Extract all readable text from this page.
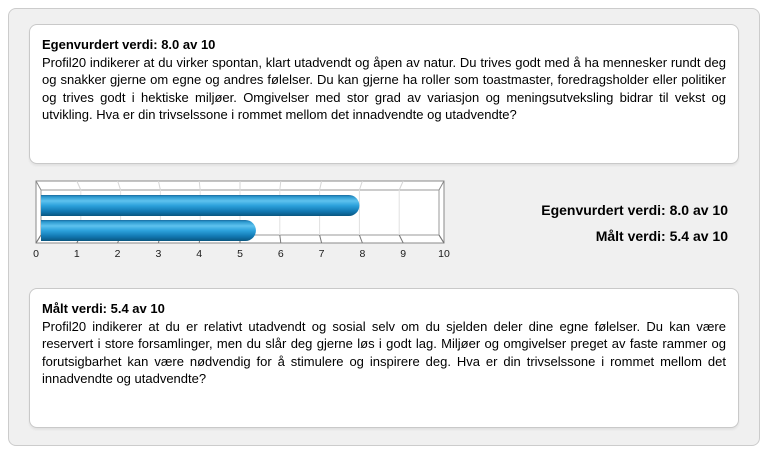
Egenvurdert verdi: 8.0 av 10

Profil20 indikerer at du virker spontan, klart utadvendt og åpen av natur. Du trives godt med å ha mennesker rundt deg og snakker gjerne om egne og andres følelser. Du kan gjerne ha roller som toastmaster, foredragsholder eller politiker og trives godt i hektiske miljøer. Omgivelser med stor grad av variasjon og meningsutveksling bidrar til vekst og utvikling. Hva er din trivselssone i rommet mellom det innadvendte og utadvendte?

0	1	2	3	4	5	6	7	8	9	10
Egenvurdert verdi: 8.0 av 10
Målt verdi: 5.4 av 10
Målt verdi: 5.4 av 10

Profil20 indikerer at du er relativt utadvendt og sosial selv om du sjelden deler dine egne følelser. Du kan være reservert i store forsamlinger, men du slår deg gjerne løs i godt lag. Miljøer og omgivelser preget av faste rammer og forutsigbarhet kan være nødvendig for å stimulere og inspirere deg. Hva er din trivselssone i rommet mellom det innadvendte og utadvendte?
